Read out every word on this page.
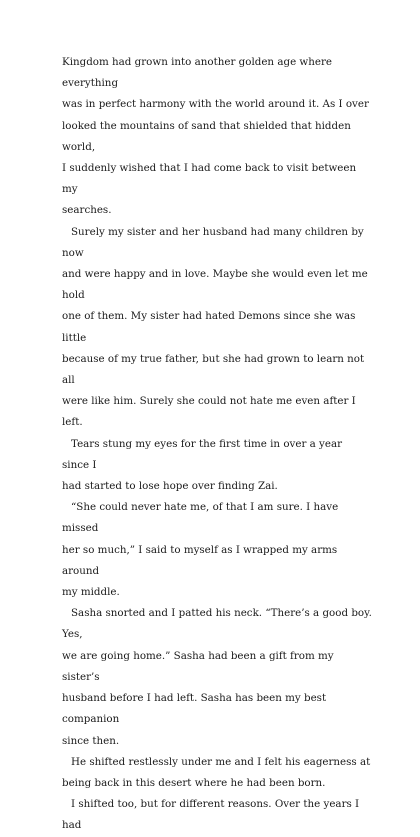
Kingdom had grown into another golden age where everything
was in perfect harmony with the world around it. As I over
looked the mountains of sand that shielded that hidden world,
I suddenly wished that I had come back to visit between my
searches.

Surely my sister and her husband had many children by now
and were happy and in love. Maybe she would even let me hold
one of them. My sister had hated Demons since she was little
because of my true father, but she had grown to learn not all
were like him. Surely she could not hate me even after I left.

Tears stung my eyes for the first time in over a year since I
had started to lose hope over finding Zai.

“She could never hate me, of that I am sure. I have missed
her so much,” I said to myself as I wrapped my arms around
my middle.

Sasha snorted and I patted his neck. “There’s a good boy. Yes,
we are going home.” Sasha had been a gift from my sister’s
husband before I had left. Sasha has been my best companion
since then.

He shifted restlessly under me and I felt his eagerness at
being back in this desert where he had been born.

I shifted too, but for different reasons. Over the years I had
